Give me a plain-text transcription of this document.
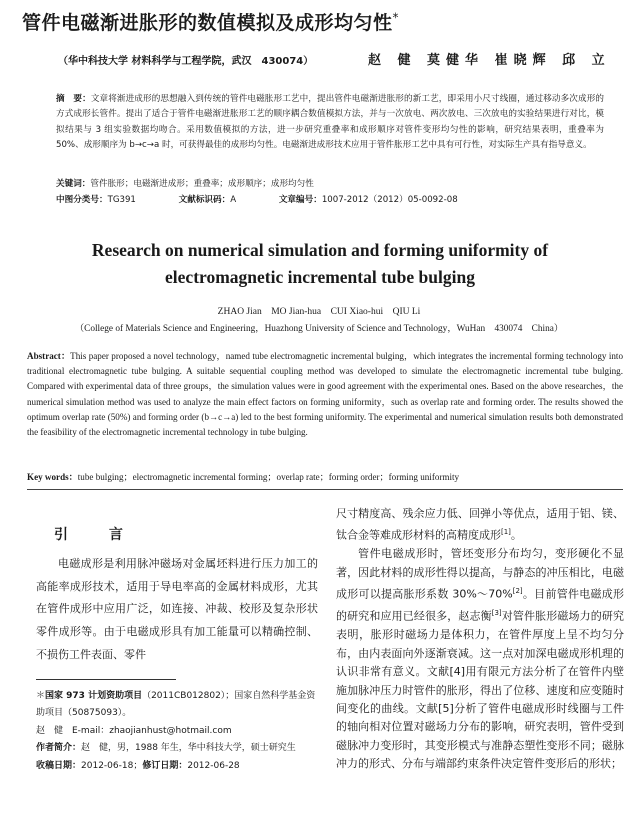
管件电磁渐进胀形的数值模拟及成形均匀性*
（华中科技大学 材料科学与工程学院，武汉　430074）	赵 健 莫健华 崔晓辉 邱 立
摘　要：文章将渐进成形的思想融入到传统的管件电磁胀形工艺中，提出管件电磁渐进胀形的新工艺，即采用小尺寸线圈，通过移动多次成形的方式成形长管件。提出了适合于管件电磁渐进胀形工艺的顺序耦合数值模拟方法，并与一次放电、两次放电、三次放电的实验结果进行对比，模拟结果与 3 组实验数据均吻合。采用数值模拟的方法，进一步研究重叠率和成形顺序对管件变形均匀性的影响，研究结果表明，重叠率为 50%、成形顺序为 b→c→a 时，可获得最佳的成形均匀性。电磁渐进成形技术应用于管件胀形工艺中具有可行性，对实际生产具有指导意义。
关键词：管件胀形；电磁渐进成形；重叠率；成形顺序；成形均匀性
中图分类号：TG391	文献标识码：A	文章编号：1007-2012（2012）05-0092-08
Research on numerical simulation and forming uniformity of
electromagnetic incremental tube bulging
ZHAO Jian　MO Jian-hua　CUI Xiao-hui　QIU Li
（College of Materials Science and Engineering，Huazhong University of Science and Technology，WuHan　430074　China）
Abstract：This paper proposed a novel technology，named tube electromagnetic incremental bulging，which integrates the incremental forming technology into traditional electromagnetic tube bulging. A suitable sequential coupling method was developed to simulate the electromagnetic incremental tube bulging. Compared with experimental data of three groups，the simulation values were in good agreement with the experimental ones. Based on the above researches，the numerical simulation method was used to analyze the main effect factors on forming uniformity，such as overlap rate and forming order. The results showed the optimum overlap rate (50%) and forming order (b→c→a) led to the best forming uniformity. The experimental and numerical simulation results both demonstrated the feasibility of the electromagnetic incremental technology in tube bulging.
Key words：tube bulging；electromagnetic incremental forming；overlap rate；forming order；forming uniformity
引 言
电磁成形是利用脉冲磁场对金属坯料进行压力加工的高能率成形技术，适用于导电率高的金属材料成形，尤其在管件成形中应用广泛，如连接、冲裁、校形及复杂形状零件成形等。由于电磁成形具有加工能量可以精确控制、不损伤工件表面、零件
＊国家 973 计划资助项目（2011CB012802）；国家自然科学基金资助项目（50875093）。
赵　健　E-mail：zhaojianhust@hotmail.com
作者简介：赵　健，男，1988 年生，华中科技大学，硕士研究生
收稿日期：2012-06-18；修订日期：2012-06-28

尺寸精度高、残余应力低、回弹小等优点，适用于铝、镁、钛合金等难成形材料的高精度成形[1]。

管件电磁成形时，管坯变形分布均匀，变形硬化不显著，因此材料的成形性得以提高，与静态的冲压相比，电磁成形可以提高胀形系数 30%～70%[2]。目前管件电磁成形的研究和应用已经很多，赵志衡[3]对管件胀形磁场力的研究表明，胀形时磁场力是体积力，在管件厚度上呈不均匀分布，由内表面向外逐渐衰减。这一点对加深电磁成形机理的认识非常有意义。文献[4]用有限元方法分析了在管件内壁施加脉冲压力时管件的胀形，得出了位移、速度和应变随时间变化的曲线。文献[5]分析了管件电磁成形时线圈与工件的轴向相对位置对磁场力分布的影响，研究表明，管件受到磁脉冲力变形时，其变形模式与准静态塑性变形不同；磁脉冲力的形式、分布与端部约束条件决定管件变形后的形状；
